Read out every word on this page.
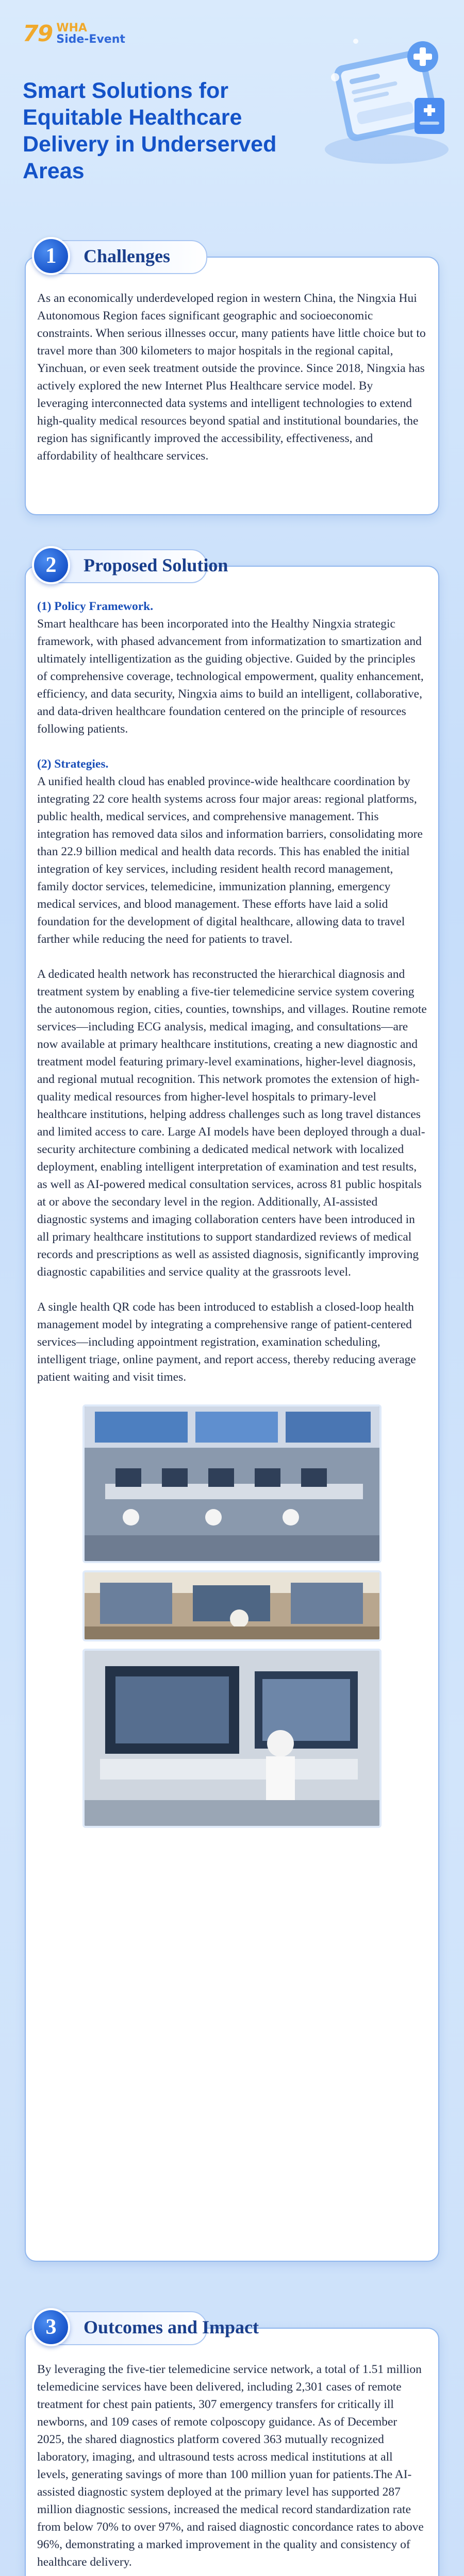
79 WHA
Side-Event
Smart Solutions for Equitable Healthcare Delivery in Underserved Areas

As an economically underdeveloped region in western China, the Ningxia Hui Autonomous Region faces significant geographic and socioeconomic constraints. When serious illnesses occur, many patients have little choice but to travel more than 300 kilometers to major hospitals in the regional capital, Yinchuan, or even seek treatment outside the province. Since 2018, Ningxia has actively explored the new Internet Plus Healthcare service model. By leveraging interconnected data systems and intelligent technologies to extend high-quality medical resources beyond spatial and institutional boundaries, the region has significantly improved the accessibility, effectiveness, and affordability of healthcare services.

1	Challenges
(1) Policy Framework.

Smart healthcare has been incorporated into the Healthy Ningxia strategic framework, with phased advancement from informatization to smartization and ultimately intelligentization as the guiding objective. Guided by the principles of comprehensive coverage, technological empowerment, quality enhancement, efficiency, and data security, Ningxia aims to build an intelligent, collaborative, and data-driven healthcare foundation centered on the principle of resources following patients.

(2) Strategies.

A unified health cloud has enabled province-wide healthcare coordination by integrating 22 core health systems across four major areas: regional platforms, public health, medical services, and comprehensive management. This integration has removed data silos and information barriers, consolidating more than 22.9 billion medical and health data records. This has enabled the initial integration of key services, including resident health record management, family doctor services, telemedicine, immunization planning, emergency medical services, and blood management. These efforts have laid a solid foundation for the development of digital healthcare, allowing data to travel farther while reducing the need for patients to travel.

A dedicated health network has reconstructed the hierarchical diagnosis and treatment system by enabling a five-tier telemedicine service system covering the autonomous region, cities, counties, townships, and villages. Routine remote services—including ECG analysis, medical imaging, and consultations—are now available at primary healthcare institutions, creating a new diagnostic and treatment model featuring primary-level examinations, higher-level diagnosis, and regional mutual recognition. This network promotes the extension of high-quality medical resources from higher-level hospitals to primary-level healthcare institutions, helping address challenges such as long travel distances and limited access to care. Large AI models have been deployed through a dual-security architecture combining a dedicated medical network with localized deployment, enabling intelligent interpretation of examination and test results, as well as AI-powered medical consultation services, across 81 public hospitals at or above the secondary level in the region. Additionally, AI-assisted diagnostic systems and imaging collaboration centers have been introduced in all primary healthcare institutions to support standardized reviews of medical records and prescriptions as well as assisted diagnosis, significantly improving diagnostic capabilities and service quality at the grassroots level.

A single health QR code has been introduced to establish a closed-loop health management model by integrating a comprehensive range of patient-centered services—including appointment registration, examination scheduling, intelligent triage, online payment, and report access, thereby reducing average patient waiting and visit times.

2	Proposed Solution

By leveraging the five-tier telemedicine service network, a total of 1.51 million telemedicine services have been delivered, including 2,301 cases of remote treatment for chest pain patients, 307 emergency transfers for critically ill newborns, and 109 cases of remote colposcopy guidance. As of December 2025, the shared diagnostics platform covered 363 mutually recognized laboratory, imaging, and ultrasound tests across medical institutions at all levels, generating savings of more than 100 million yuan for patients.The AI-assisted diagnostic system deployed at the primary level has supported 287 million diagnostic sessions, increased the medical record standardization rate from below 70% to over 97%, and raised diagnostic concordance rates to above 96%, demonstrating a marked improvement in the quality and consistency of healthcare delivery.

3	Outcomes and Impact
